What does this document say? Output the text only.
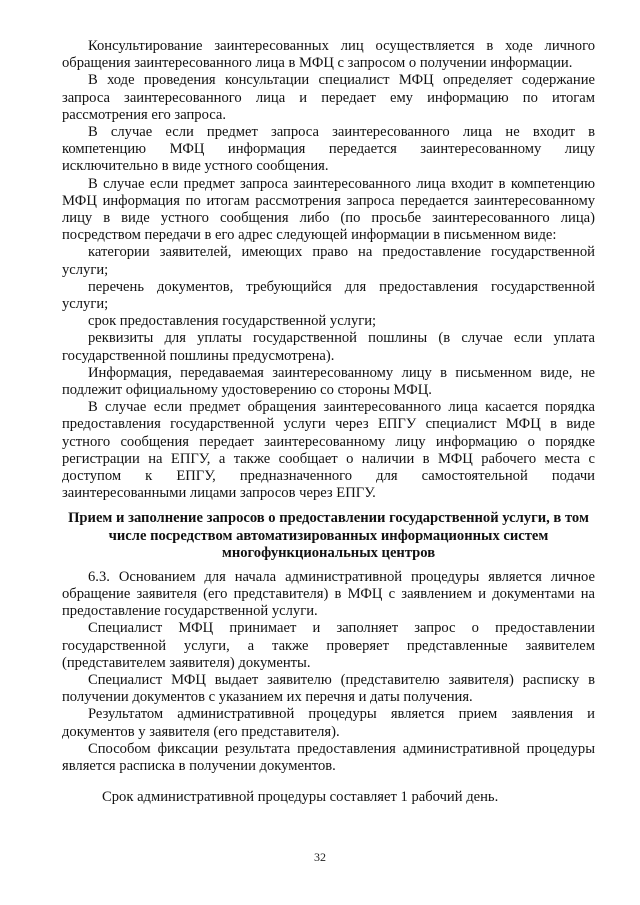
Консультирование заинтересованных лиц осуществляется в ходе личного обращения заинтересованного лица в МФЦ с запросом о получении информации.

В ходе проведения консультации специалист МФЦ определяет содержание запроса заинтересованного лица и передает ему информацию по итогам рассмотрения его запроса.

В случае если предмет запроса заинтересованного лица не входит в компетенцию МФЦ информация передается заинтересованному лицу исключительно в виде устного сообщения.

В случае если предмет запроса заинтересованного лица входит в компетенцию МФЦ информация по итогам рассмотрения запроса передается заинтересованному лицу в виде устного сообщения либо (по просьбе заинтересованного лица) посредством передачи в его адрес следующей информации в письменном виде:

категории заявителей, имеющих право на предоставление государственной услуги;

перечень документов, требующийся для предоставления государственной услуги;

срок предоставления государственной услуги;

реквизиты для уплаты государственной пошлины (в случае если уплата государственной пошлины предусмотрена).

Информация, передаваемая заинтересованному лицу в письменном виде, не подлежит официальному удостоверению со стороны МФЦ.

В случае если предмет обращения заинтересованного лица касается порядка предоставления государственной услуги через ЕПГУ специалист МФЦ в виде устного сообщения передает заинтересованному лицу информацию о порядке регистрации на ЕПГУ, а также сообщает о наличии в МФЦ рабочего места с доступом к ЕПГУ, предназначенного для самостоятельной подачи заинтересованными лицами запросов через ЕПГУ.

Прием и заполнение запросов о предоставлении государственной услуги, в том числе посредством автоматизированных информационных систем многофункциональных центров

6.3. Основанием для начала административной процедуры является личное обращение заявителя (его представителя) в МФЦ с заявлением и документами на предоставление государственной услуги.

Специалист МФЦ принимает и заполняет запрос о предоставлении государственной услуги, а также проверяет представленные заявителем (представителем заявителя) документы.

Специалист МФЦ выдает заявителю (представителю заявителя) расписку в получении документов с указанием их перечня и даты получения.

Результатом административной процедуры является прием заявления и документов у заявителя (его представителя).

Способом фиксации результата предоставления административной процедуры является расписка в получении документов.

Срок административной процедуры составляет 1 рабочий день.

32
